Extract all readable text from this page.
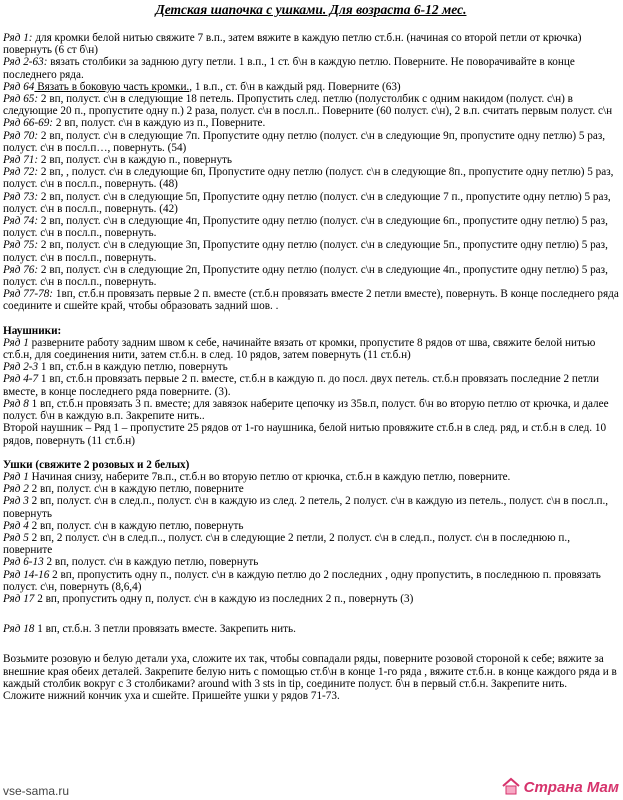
Детская шапочка с ушками. Для возраста 6-12 мес.
Ряд 1: для кромки белой нитью свяжите 7 в.п., затем вяжите в каждую петлю ст.б.н. (начиная со второй петли от крючка) повернуть (6 ст б\н)
Ряд 2-63: вязать столбики за заднюю дугу петли. 1 в.п., 1 ст. б\н в каждую петлю. Поверните. Не поворачивайте в конце последнего ряда.
Ряд 64 Вязать в боковую часть кромки., 1 в.п., ст. б\н в каждый ряд. Поверните (63)
Ряд 65: 2 вп, полуст. с\н в следующие 18 петель. Пропустить след. петлю (полустолбик с одним накидом (полуст. с\н) в следующие 20 п., пропустите одну п.) 2 раза, полуст. с\н в посл.п.. Поверните (60 полуст. с\н), 2 в.п. считать первым полуст. с\н
Ряд 66-69: 2 вп, полуст. с\н в каждую из п., Поверните.
Ряд 70: 2 вп, полуст. с\н в следующие 7п. Пропустите одну петлю (полуст. с\н в следующие 9п, пропустите одну петлю) 5 раз, полуст. с\н в посл.п…, повернуть. (54)
Ряд 71: 2 вп, полуст. с\н в каждую п., повернуть
Ряд 72: 2 вп, , полуст. с\н в следующие 6п, Пропустите одну петлю (полуст. с\н в следующие 8п., пропустите одну петлю) 5 раз, полуст. с\н в посл.п., повернуть. (48)
Ряд 73: 2 вп, полуст. с\н в следующие 5п, Пропустите одну петлю (полуст. с\н в следующие 7 п., пропустите одну петлю) 5 раз, полуст. с\н в посл.п., повернуть. (42)
Ряд 74: 2 вп, полуст. с\н в следующие 4п, Пропустите одну петлю (полуст. с\н в следующие 6п., пропустите одну петлю) 5 раз, полуст. с\н в посл.п., повернуть.
Ряд 75: 2 вп, полуст. с\н в следующие 3п, Пропустите одну петлю (полуст. с\н в следующие 5п., пропустите одну петлю) 5 раз, полуст. с\н в посл.п., повернуть.
Ряд 76: 2 вп, полуст. с\н в следующие 2п, Пропустите одну петлю (полуст. с\н в следующие 4п., пропустите одну петлю) 5 раз, полуст. с\н в посл.п., повернуть.
Ряд 77-78: 1вп, ст.б.н провязать первые 2 п. вместе (ст.б.н провязать вместе 2 петли вместе), повернуть. В конце последнего ряда соедините и сшейте край, чтобы образовать задний шов. .
Наушники:
Ряд 1 разверните работу задним швом к себе, начинайте вязать от кромки, пропустите 8 рядов от шва, свяжите белой нитью ст.б.н, для соединения нити, затем ст.б.н. в след. 10 рядов, затем повернуть (11 ст.б.н)
Ряд 2-3 1 вп, ст.б.н в каждую петлю, повернуть
Ряд 4-7 1 вп, ст.б.н провязать первые 2 п. вместе, ст.б.н в каждую п. до посл. двух петель. ст.б.н провязать последние 2 петли вместе, в конце последнего ряда поверните. (3).
Ряд 8 1 вп, ст.б.н провязать 3 п. вместе; для завязок наберите цепочку из 35в.п, полуст. б\н во вторую петлю от крючка, и далее полуст. б\н в каждую в.п. Закрепите нить..
Второй наушник – Ряд 1 – пропустите 25 рядов от 1-го наушника, белой нитью провяжите ст.б.н в след. ряд, и ст.б.н в след. 10 рядов, повернуть (11 ст.б.н)
Ушки (свяжите 2 розовых и 2 белых)
Ряд 1 Начиная снизу, наберите 7в.п., ст.б.н во вторую петлю от крючка, ст.б.н в каждую петлю, поверните.
Ряд 2 2 вп, полуст. с\н в каждую петлю, поверните
Ряд 3 2 вп, полуст. с\н в след.п., полуст. с\н в каждую из след. 2 петель, 2 полуст. с\н в каждую из петель., полуст. с\н в посл.п., повернуть
Ряд 4 2 вп, полуст. с\н в каждую петлю, повернуть
Ряд 5 2 вп, 2 полуст. с\н в след.п.., полуст. с\н в следующие 2 петли, 2 полуст. с\н в след.п., полуст. с\н в последнюю п., поверните
Ряд 6-13 2 вп, полуст. с\н в каждую петлю, повернуть
Ряд 14-16 2 вп, пропустить одну п., полуст. с\н в каждую петлю до 2 последних , одну пропустить, в последнюю п. провязать полуст. с\н, повернуть (8,6,4)
Ряд 17 2 вп, пропустить одну п, полуст. с\н в каждую из последних 2 п., повернуть (3)
Ряд 18 1 вп, ст.б.н. 3 петли провязать вместе. Закрепить нить.
Возьмите розовую и белую детали уха, сложите их так, чтобы совпадали ряды, поверните розовой стороной к себе; вяжите за внешние края обеих деталей. Закрепите белую нить с помощью ст.б\н в конце 1-го ряда , вяжите ст.б.н. в конце каждого ряда и в каждый столбик вокруг с 3 столбиками? around with 3 sts in tip, соедините полуст. б\н в первый ст.б.н. Закрепите нить.
Сложите нижний кончик уха и сшейте. Пришейте ушки у рядов 71-73.
vse-sama.ru	Страна Мам
